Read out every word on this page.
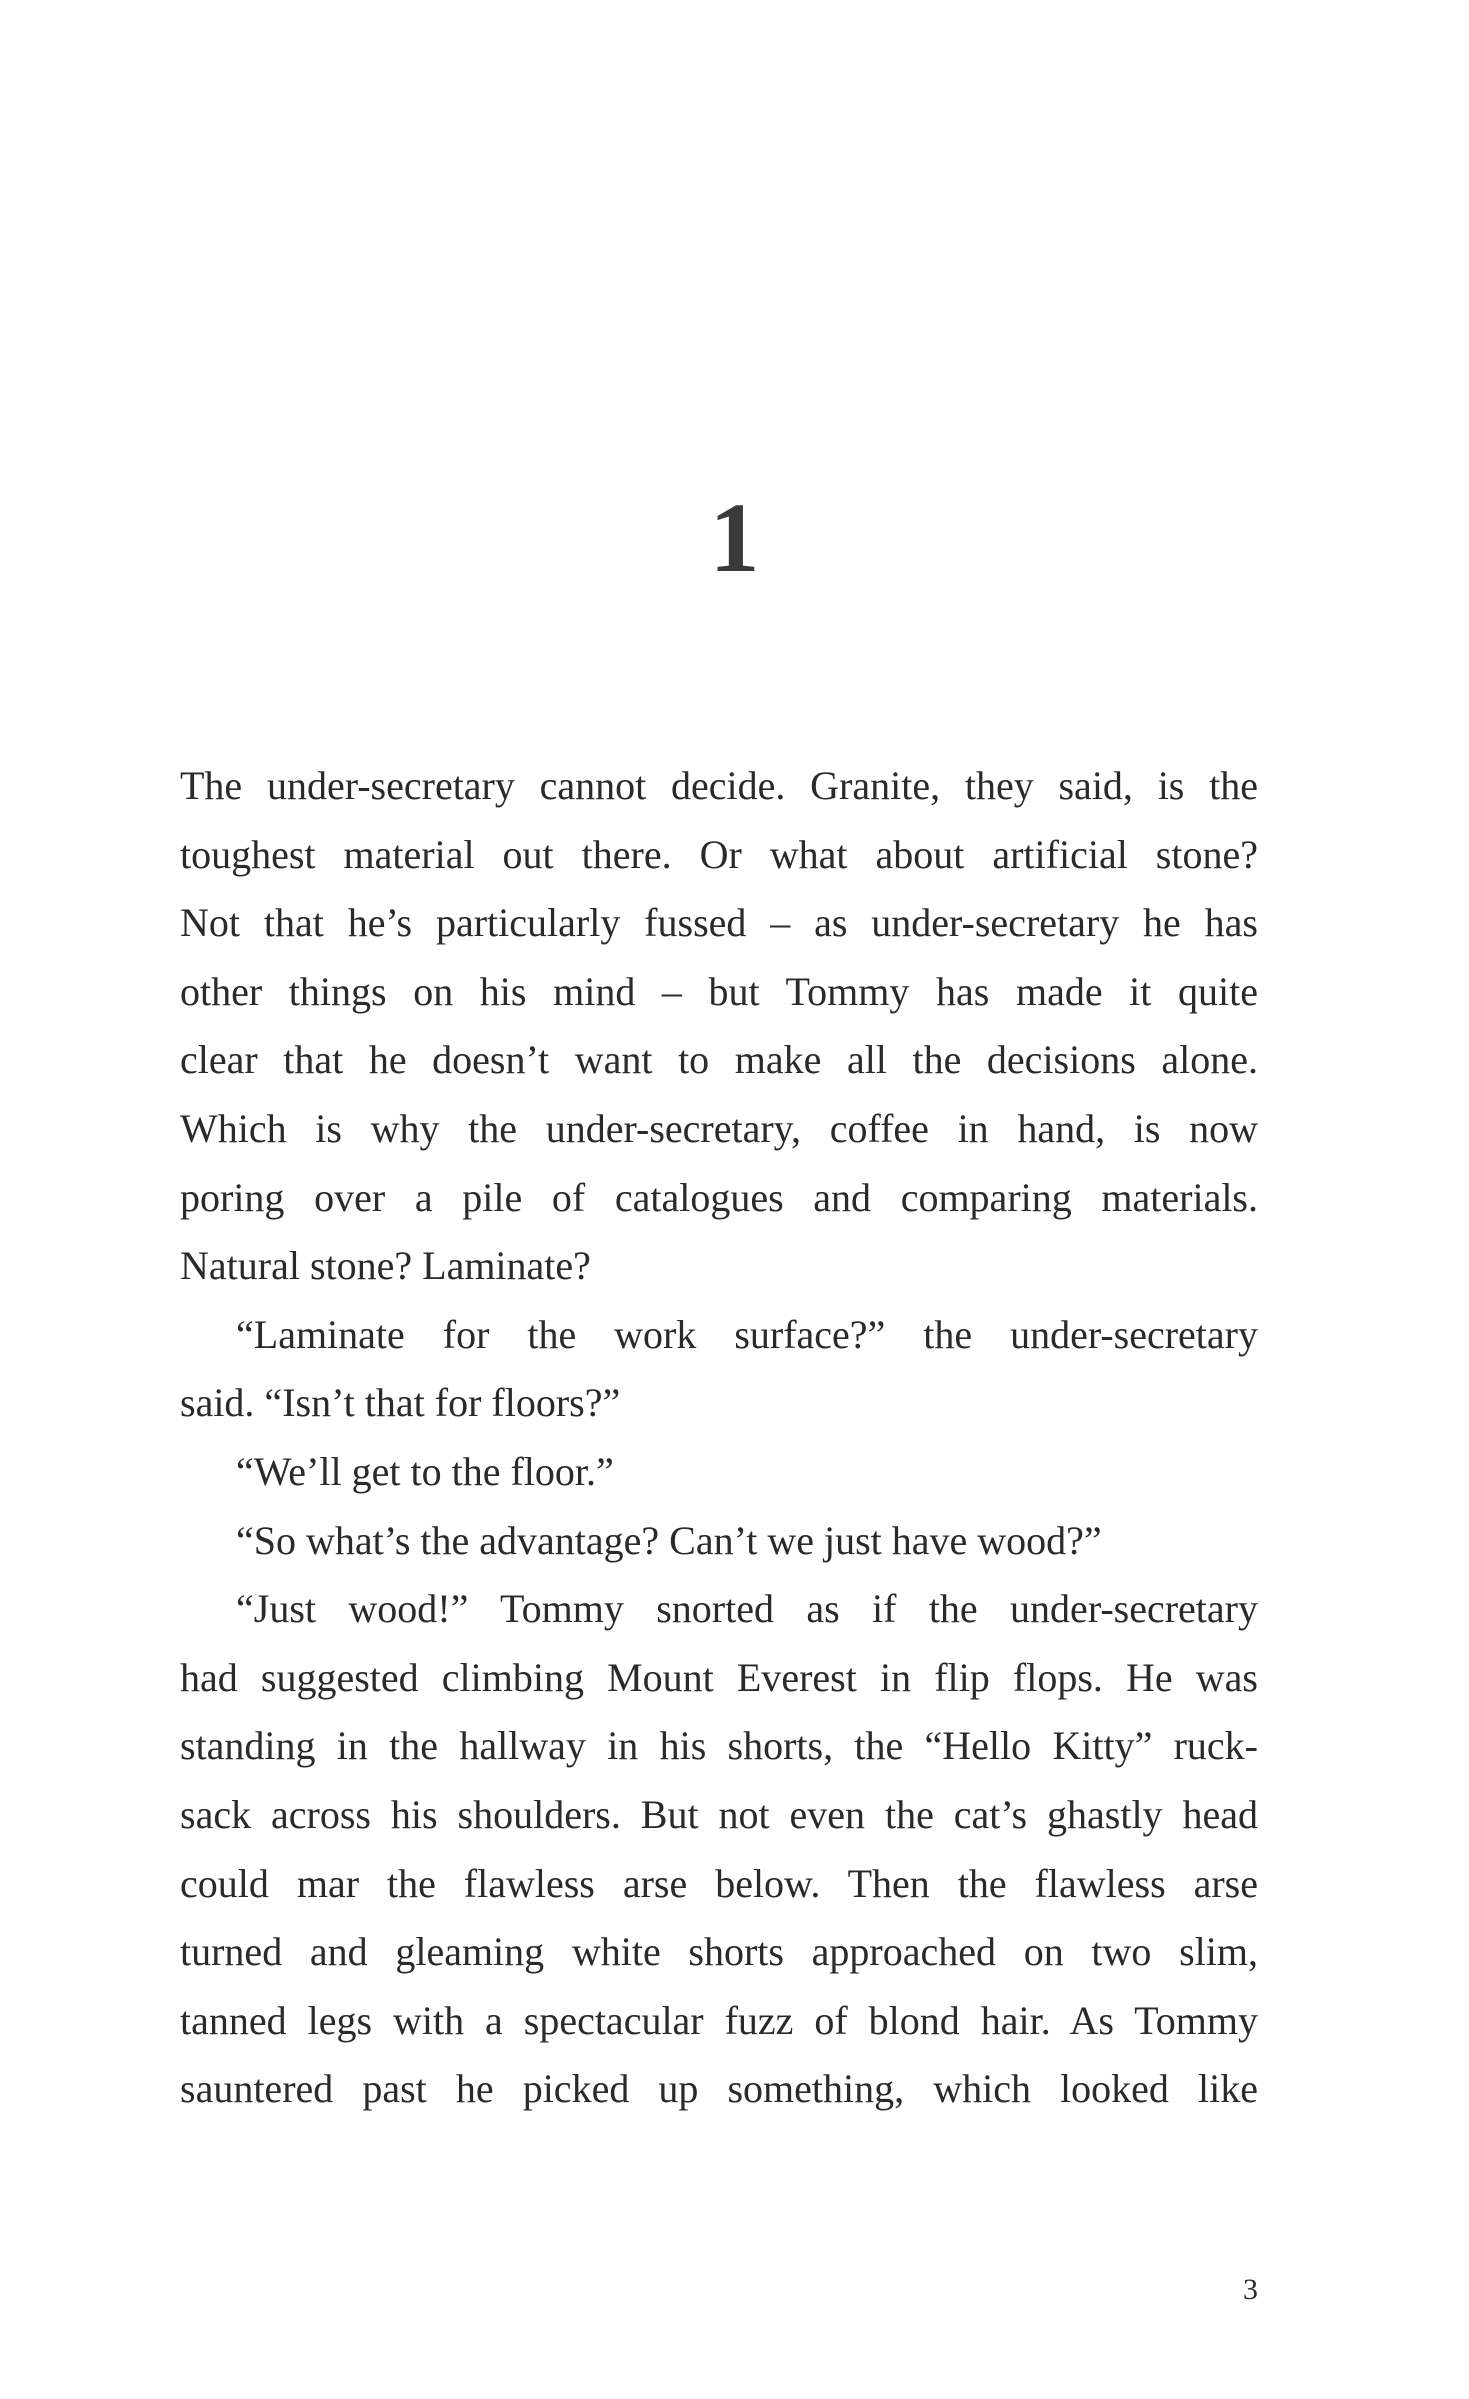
1
The under-secretary cannot decide. Granite, they said, is the
toughest material out there. Or what about artificial stone?
Not that he’s particularly fussed – as under-secretary he has
other things on his mind – but Tommy has made it quite
clear that he doesn’t want to make all the decisions alone.
Which is why the under-secretary, coffee in hand, is now
poring over a pile of catalogues and comparing materials.
Natural stone? Laminate?
“Laminate for the work surface?” the under-secretary
said. “Isn’t that for floors?”
“We’ll get to the floor.”
“So what’s the advantage? Can’t we just have wood?”
“Just wood!” Tommy snorted as if the under-secretary
had suggested climbing Mount Everest in flip flops. He was
standing in the hallway in his shorts, the “Hello Kitty” ruck-
sack across his shoulders. But not even the cat’s ghastly head
could mar the flawless arse below. Then the flawless arse
turned and gleaming white shorts approached on two slim,
tanned legs with a spectacular fuzz of blond hair. As Tommy
sauntered past he picked up something, which looked like
3
